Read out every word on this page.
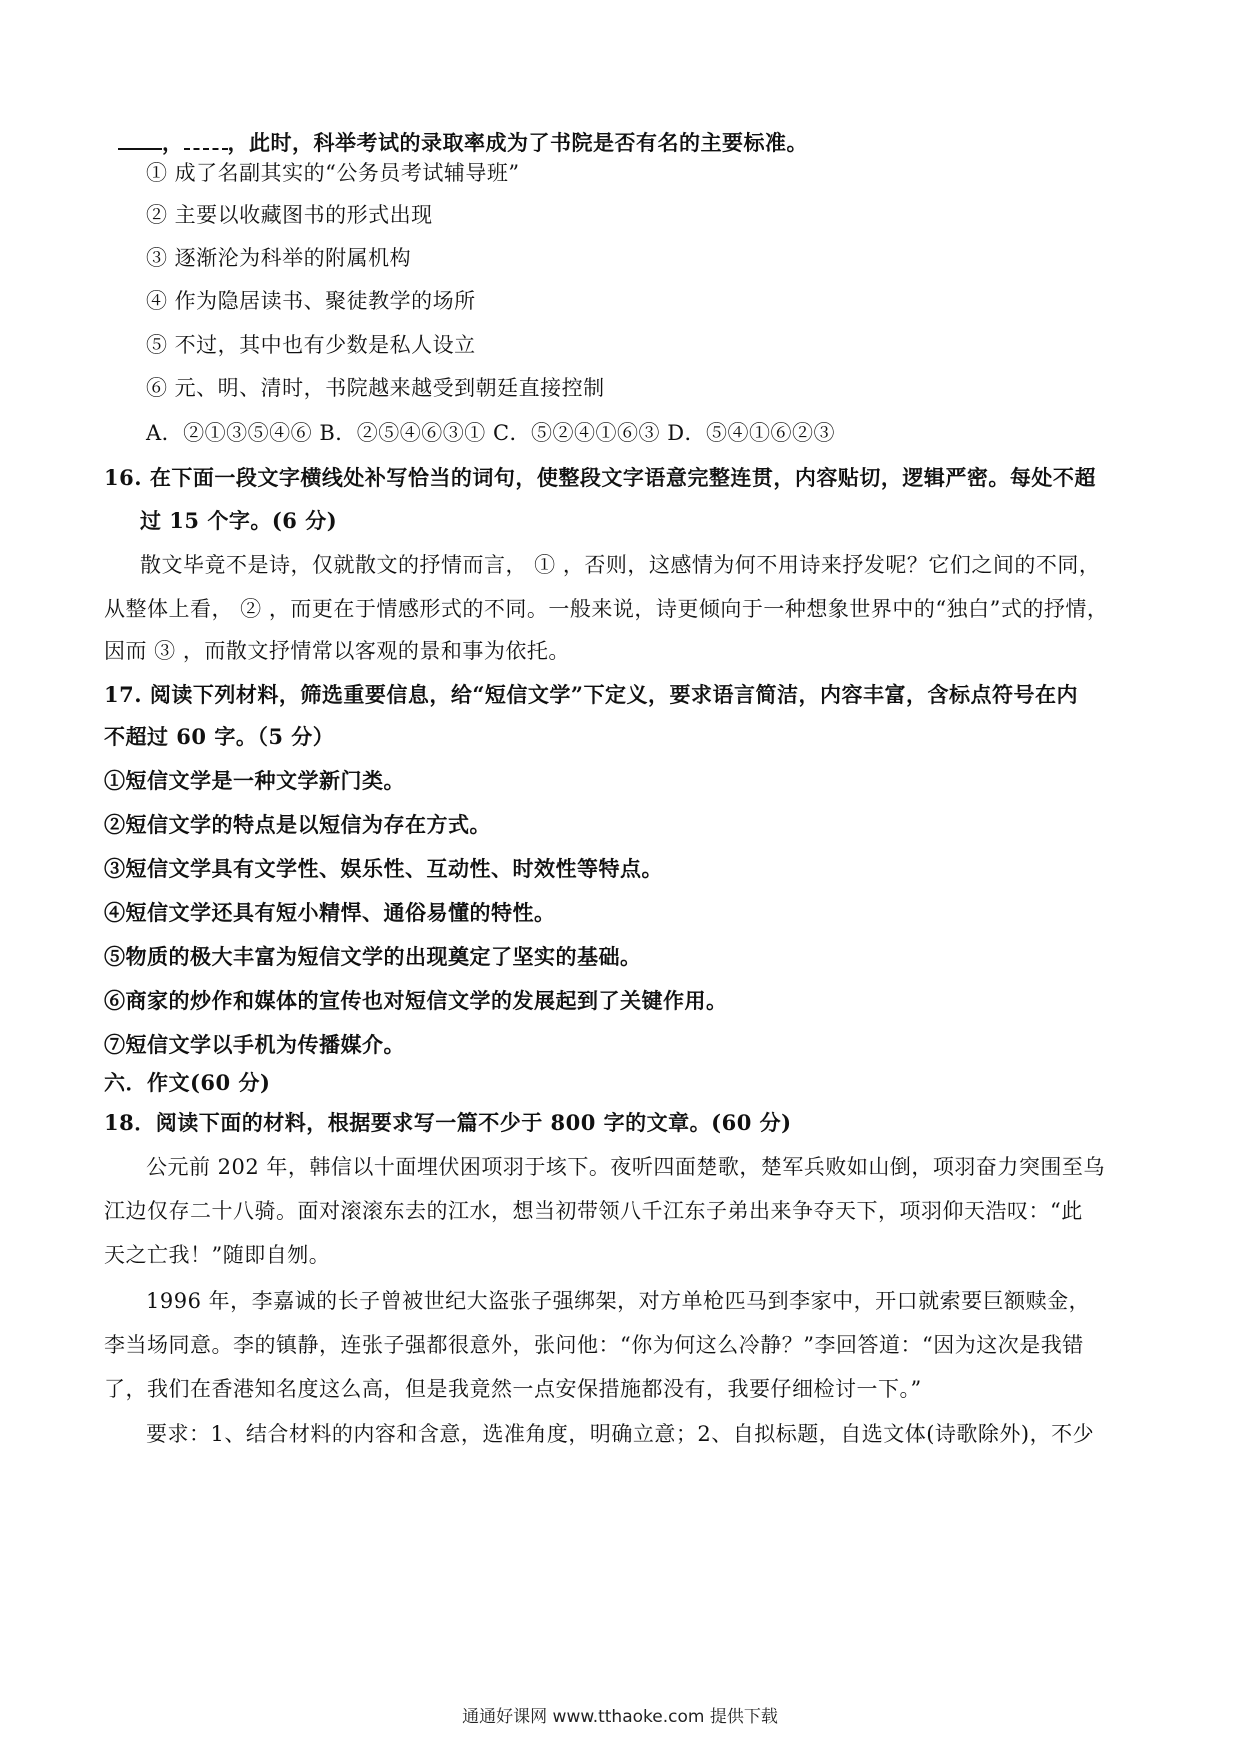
， ，此时，科举考试的录取率成为了书院是否有名的主要标准。
① 成了名副其实的“公务员考试辅导班”
② 主要以收藏图书的形式出现
③ 逐渐沦为科举的附属机构
④ 作为隐居读书、聚徒教学的场所
⑤ 不过，其中也有少数是私人设立
⑥ 元、明、清时，书院越来越受到朝廷直接控制
A．②①③⑤④⑥ B．②⑤④⑥③① C．⑤②④①⑥③ D．⑤④①⑥②③
16. 在下面一段文字横线处补写恰当的词句，使整段文字语意完整连贯，内容贴切，逻辑严密。每处不超
过 15 个字。(6 分)
散文毕竟不是诗，仅就散文的抒情而言， ① ，否则，这感情为何不用诗来抒发呢？它们之间的不同，
从整体上看， ② ，而更在于情感形式的不同。一般来说，诗更倾向于一种想象世界中的“独白”式的抒情，
因而 ③ ，而散文抒情常以客观的景和事为依托。
17. 阅读下列材料，筛选重要信息，给“短信文学”下定义，要求语言简洁，内容丰富，含标点符号在内
不超过 60 字。（5 分）
①短信文学是一种文学新门类。
②短信文学的特点是以短信为存在方式。
③短信文学具有文学性、娱乐性、互动性、时效性等特点。
④短信文学还具有短小精悍、通俗易懂的特性。
⑤物质的极大丰富为短信文学的出现奠定了坚实的基础。
⑥商家的炒作和媒体的宣传也对短信文学的发展起到了关键作用。
⑦短信文学以手机为传播媒介。
六．作文(60 分)
18．阅读下面的材料，根据要求写一篇不少于 800 字的文章。(60 分)
公元前 202 年，韩信以十面埋伏困项羽于垓下。夜听四面楚歌，楚军兵败如山倒，项羽奋力突围至乌
江边仅存二十八骑。面对滚滚东去的江水，想当初带领八千江东子弟出来争夺天下，项羽仰天浩叹：“此
天之亡我！”随即自刎。
1996 年，李嘉诚的长子曾被世纪大盗张子强绑架，对方单枪匹马到李家中，开口就索要巨额赎金，
李当场同意。李的镇静，连张子强都很意外，张问他：“你为何这么冷静？”李回答道：“因为这次是我错
了，我们在香港知名度这么高，但是我竟然一点安保措施都没有，我要仔细检讨一下。”
要求：1、结合材料的内容和含意，选准角度，明确立意；2、自拟标题，自选文体(诗歌除外)，不少
通通好课网 www.tthaoke.com 提供下载
